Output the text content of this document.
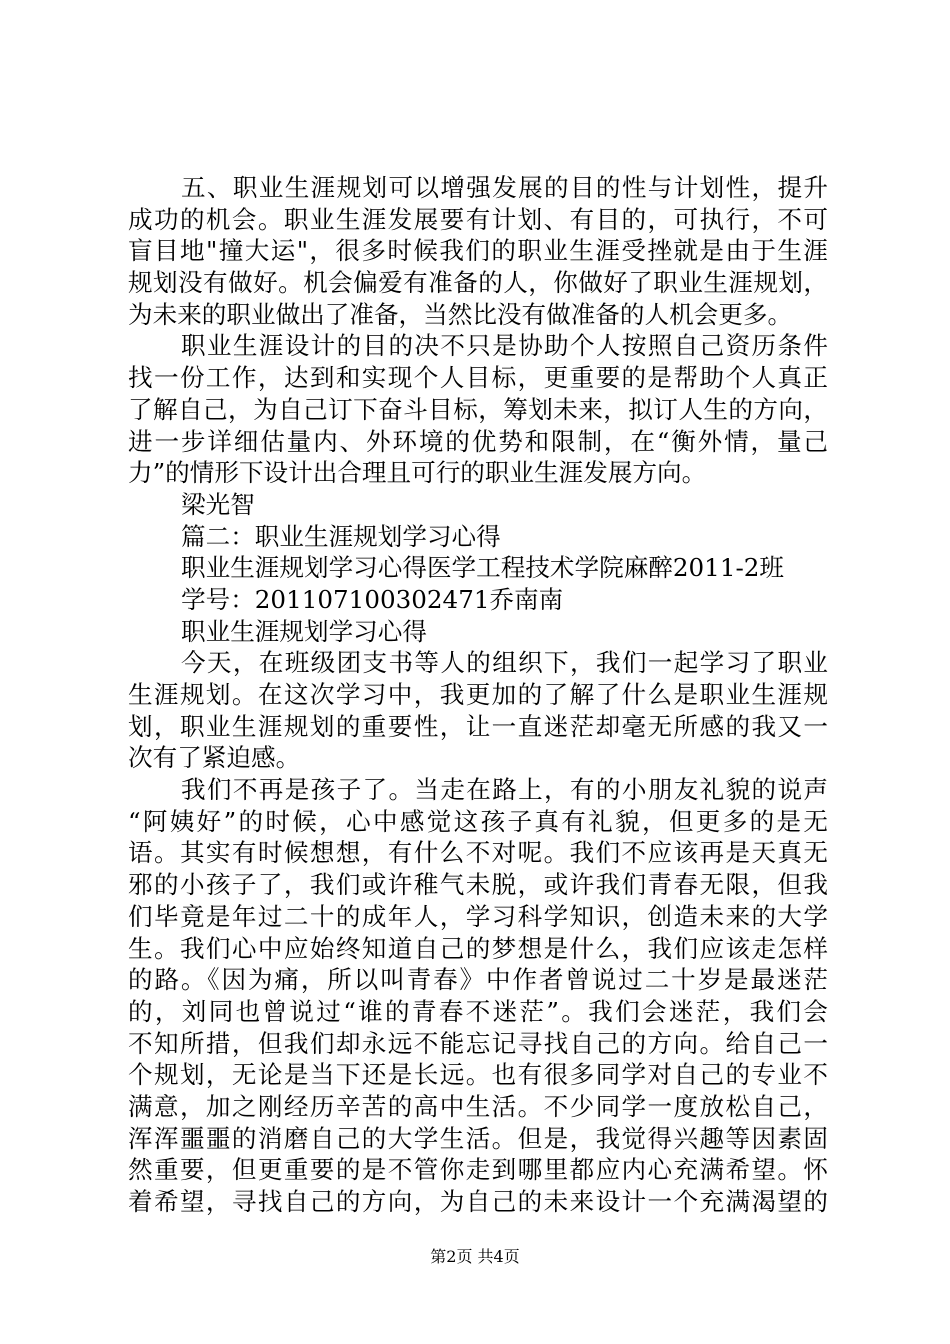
五、职业生涯规划可以增强发展的目的性与计划性，提升
成功的机会。职业生涯发展要有计划、有目的，可执行，不可
盲目地"撞大运"，很多时候我们的职业生涯受挫就是由于生涯
规划没有做好。机会偏爱有准备的人，你做好了职业生涯规划，
为未来的职业做出了准备，当然比没有做准备的人机会更多。
职业生涯设计的目的决不只是协助个人按照自己资历条件
找一份工作，达到和实现个人目标，更重要的是帮助个人真正
了解自己，为自己订下奋斗目标，筹划未来，拟订人生的方向，
进一步详细估量内、外环境的优势和限制，在“衡外情，量己
力”的情形下设计出合理且可行的职业生涯发展方向。
梁光智
篇二：职业生涯规划学习心得
职业生涯规划学习心得医学工程技术学院麻醉2011-2班
学号：201107100302471乔南南
职业生涯规划学习心得
今天，在班级团支书等人的组织下，我们一起学习了职业
生涯规划。在这次学习中，我更加的了解了什么是职业生涯规
划，职业生涯规划的重要性，让一直迷茫却毫无所感的我又一
次有了紧迫感。
我们不再是孩子了。当走在路上，有的小朋友礼貌的说声
“阿姨好”的时候，心中感觉这孩子真有礼貌，但更多的是无
语。其实有时候想想，有什么不对呢。我们不应该再是天真无
邪的小孩子了，我们或许稚气未脱，或许我们青春无限，但我
们毕竟是年过二十的成年人，学习科学知识，创造未来的大学
生。我们心中应始终知道自己的梦想是什么，我们应该走怎样
的路。《因为痛，所以叫青春》中作者曾说过二十岁是最迷茫
的，刘同也曾说过“谁的青春不迷茫”。我们会迷茫，我们会
不知所措，但我们却永远不能忘记寻找自己的方向。给自己一
个规划，无论是当下还是长远。也有很多同学对自己的专业不
满意，加之刚经历辛苦的高中生活。不少同学一度放松自己，
浑浑噩噩的消磨自己的大学生活。但是，我觉得兴趣等因素固
然重要，但更重要的是不管你走到哪里都应内心充满希望。怀
着希望，寻找自己的方向，为自己的未来设计一个充满渴望的
第2页 共4页
